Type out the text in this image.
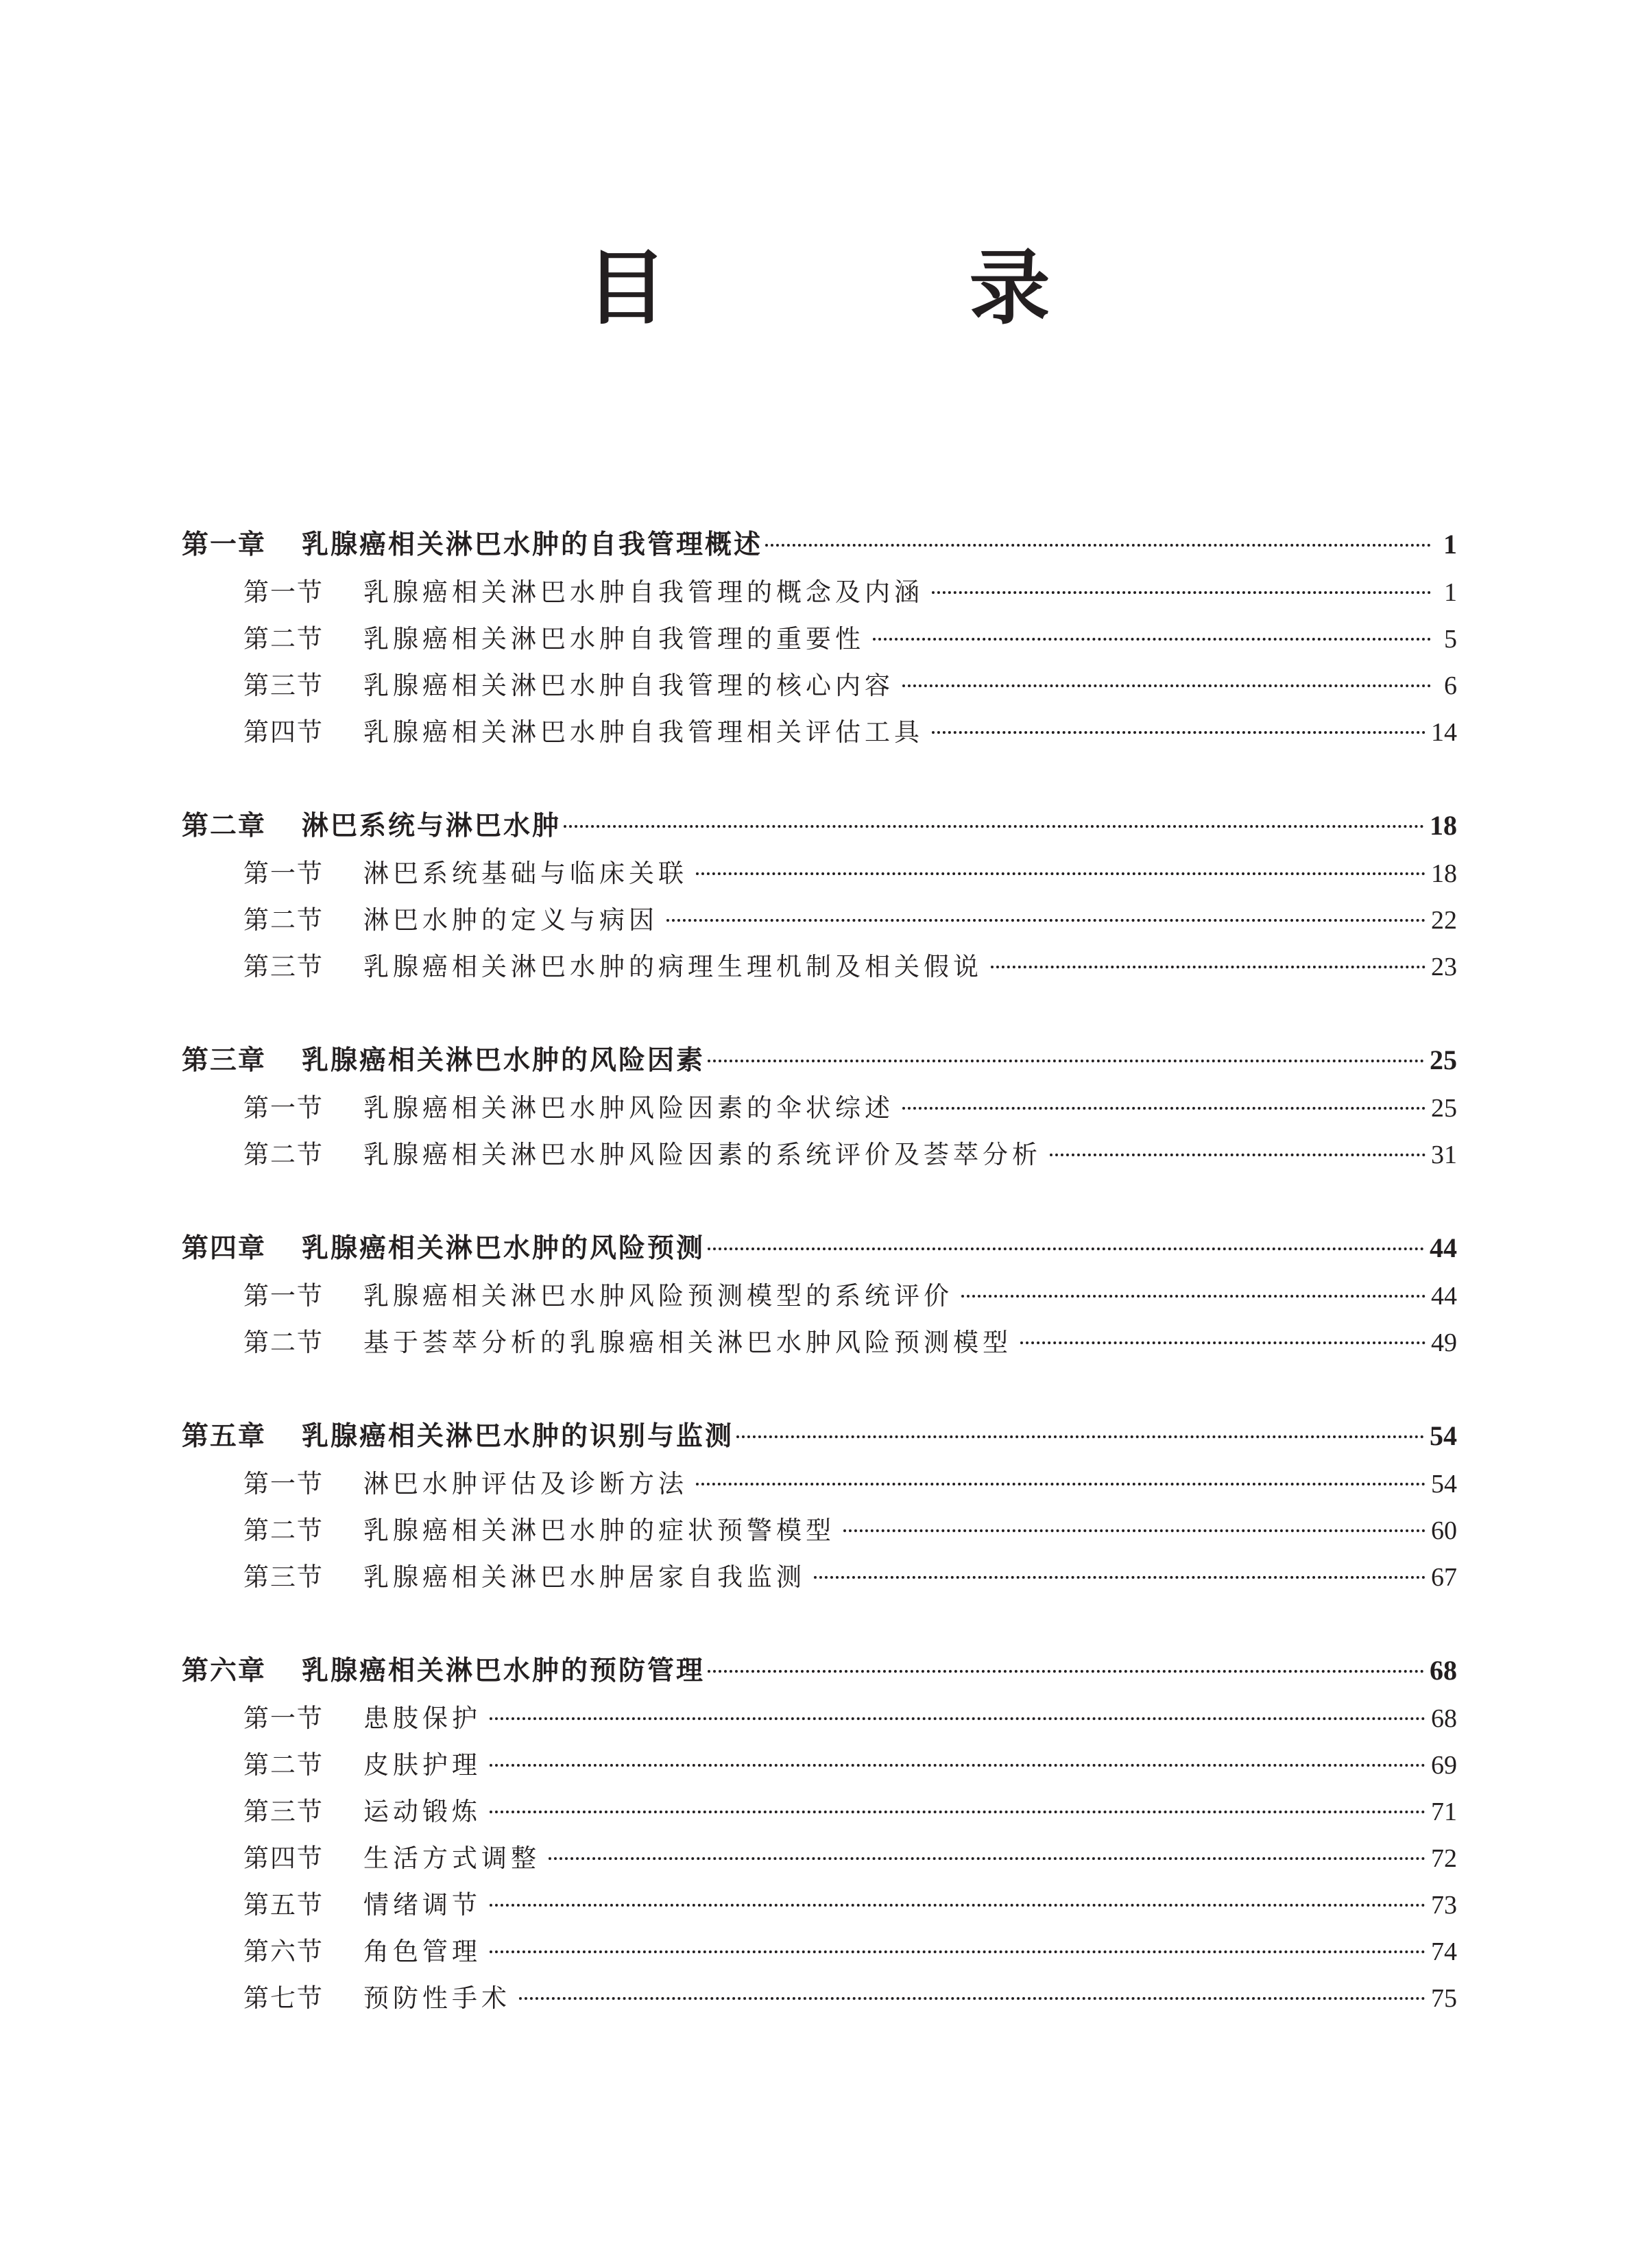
目 录
第一章	乳腺癌相关淋巴水肿的自我管理概述	1
第一节	乳腺癌相关淋巴水肿自我管理的概念及内涵	1
第二节	乳腺癌相关淋巴水肿自我管理的重要性	5
第三节	乳腺癌相关淋巴水肿自我管理的核心内容	6
第四节	乳腺癌相关淋巴水肿自我管理相关评估工具	14
第二章	淋巴系统与淋巴水肿	18
第一节	淋巴系统基础与临床关联	18
第二节	淋巴水肿的定义与病因	22
第三节	乳腺癌相关淋巴水肿的病理生理机制及相关假说	23
第三章	乳腺癌相关淋巴水肿的风险因素	25
第一节	乳腺癌相关淋巴水肿风险因素的伞状综述	25
第二节	乳腺癌相关淋巴水肿风险因素的系统评价及荟萃分析	31
第四章	乳腺癌相关淋巴水肿的风险预测	44
第一节	乳腺癌相关淋巴水肿风险预测模型的系统评价	44
第二节	基于荟萃分析的乳腺癌相关淋巴水肿风险预测模型	49
第五章	乳腺癌相关淋巴水肿的识别与监测	54
第一节	淋巴水肿评估及诊断方法	54
第二节	乳腺癌相关淋巴水肿的症状预警模型	60
第三节	乳腺癌相关淋巴水肿居家自我监测	67
第六章	乳腺癌相关淋巴水肿的预防管理	68
第一节	患肢保护	68
第二节	皮肤护理	69
第三节	运动锻炼	71
第四节	生活方式调整	72
第五节	情绪调节	73
第六节	角色管理	74
第七节	预防性手术	75
